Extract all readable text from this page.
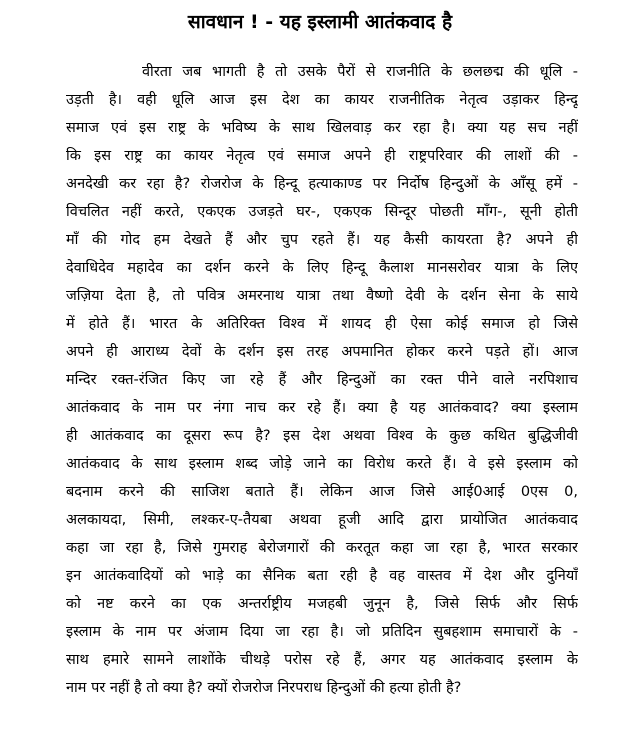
सावधान ! - यह इस्लामी आतंकवाद है
वीरता जब भागती है तो उसके पैरों से राजनीति के छलछद्म की धूलि -
उड़ती है। वही धूलि आज इस देश का कायर राजनीतिक नेतृत्व उड़ाकर हिन्दू
समाज एवं इस राष्ट्र के भविष्य के साथ खिलवाड़ कर रहा है। क्या यह सच नहीं
कि इस राष्ट्र का कायर नेतृत्व एवं समाज अपने ही राष्ट्रपरिवार की लाशों की -
अनदेखी कर रहा है? रोजरोज के हिन्दू हत्याकाण्ड पर निर्दोष हिन्दुओं के आँसू हमें -
विचलित नहीं करते, एकएक उजड़ते घर-, एकएक सिन्दूर पोछती माँग-, सूनी होती
माँ की गोद हम देखते हैं और चुप रहते हैं। यह कैसी कायरता है? अपने ही
देवाधिदेव महादेव का दर्शन करने के लिए हिन्दू कैलाश मानसरोवर यात्रा के लिए
जज़िया देता है, तो पवित्र अमरनाथ यात्रा तथा वैष्णो देवी के दर्शन सेना के साये
में होते हैं। भारत के अतिरिक्त विश्व में शायद ही ऐसा कोई समाज हो जिसे
अपने ही आराध्य देवों के दर्शन इस तरह अपमानित होकर करने पड़ते हों। आज
मन्दिर रक्त-रंजित किए जा रहे हैं और हिन्दुओं का रक्त पीने वाले नरपिशाच
आतंकवाद के नाम पर नंगा नाच कर रहे हैं। क्या है यह आतंकवाद? क्या इस्लाम
ही आतंकवाद का दूसरा रूप है? इस देश अथवा विश्व के कुछ कथित बुद्धिजीवी
आतंकवाद के साथ इस्लाम शब्द जोड़े जाने का विरोध करते हैं। वे इसे इस्लाम को
बदनाम करने की साजिश बताते हैं। लेकिन आज जिसे आई0आई 0एस 0,
अलकायदा, सिमी, लश्कर-ए-तैयबा अथवा हूजी आदि द्वारा प्रायोजित आतंकवाद
कहा जा रहा है, जिसे गुमराह बेरोजगारों की करतूत कहा जा रहा है, भारत सरकार
इन आतंकवादियों को भाड़े का सैनिक बता रही है वह वास्तव में देश और दुनियाँ
को नष्ट करने का एक अन्तर्राष्ट्रीय मजहबी जुनून है, जिसे सिर्फ और सिर्फ
इस्लाम के नाम पर अंजाम दिया जा रहा है। जो प्रतिदिन सुबहशाम समाचारों के -
साथ हमारे सामने लाशोंके चीथड़े परोस रहे हैं, अगर यह आतंकवाद इस्लाम के
नाम पर नहीं है तो क्या है? क्यों रोजरोज निरपराध हिन्दुओं की हत्या होती है?
